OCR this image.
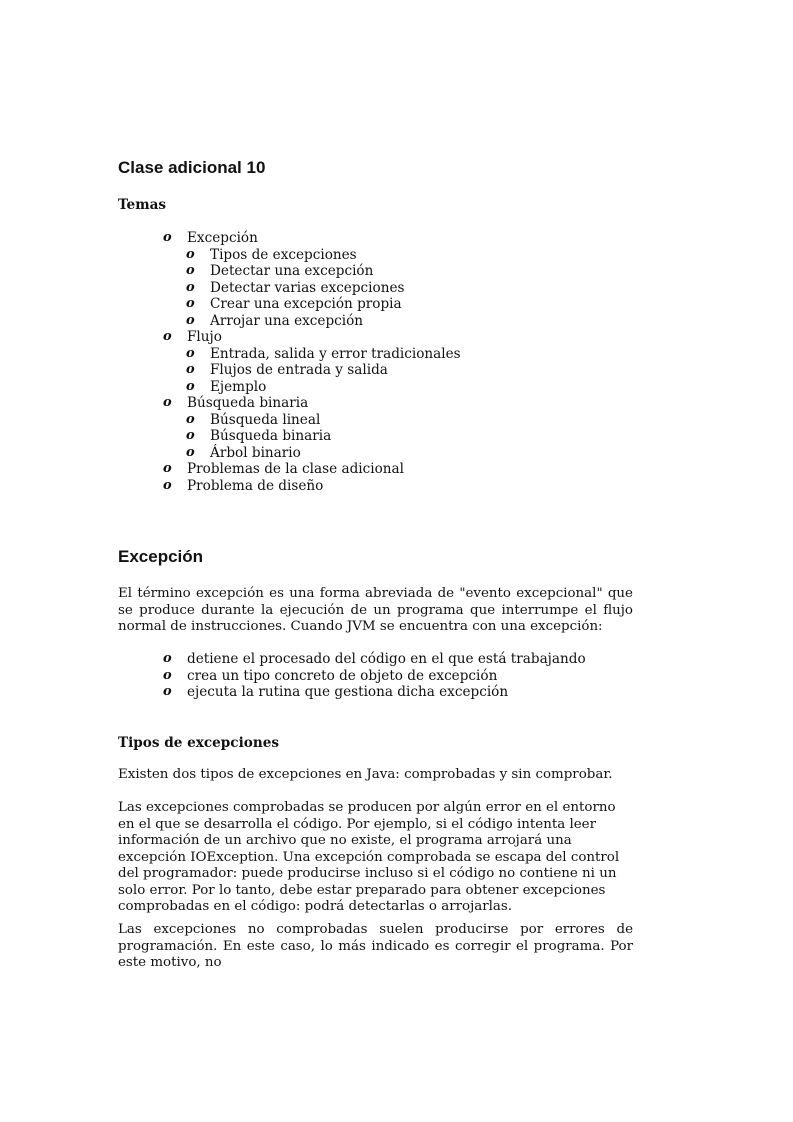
Clase adicional 10
Temas
o Excepción
o Tipos de excepciones
o Detectar una excepción
o Detectar varias excepciones
o Crear una excepción propia
o Arrojar una excepción
o Flujo
o Entrada, salida y error tradicionales
o Flujos de entrada y salida
o Ejemplo
o Búsqueda binaria
o Búsqueda lineal
o Búsqueda binaria
o Árbol binario
o Problemas de la clase adicional
o Problema de diseño
Excepción

El término excepción es una forma abreviada de "evento excepcional" que se produce durante la ejecución de un programa que interrumpe el flujo normal de instrucciones. Cuando JVM se encuentra con una excepción:

o detiene el procesado del código en el que está trabajando
o crea un tipo concreto de objeto de excepción
o ejecuta la rutina que gestiona dicha excepción
Tipos de excepciones

Existen dos tipos de excepciones en Java: comprobadas y sin comprobar.

Las excepciones comprobadas se producen por algún error en el entorno en el que se desarrolla el código. Por ejemplo, si el código intenta leer información de un archivo que no existe, el programa arrojará una excepción IOException. Una excepción comprobada se escapa del control del programador: puede producirse incluso si el código no contiene ni un solo error. Por lo tanto, debe estar preparado para obtener excepciones comprobadas en el código: podrá detectarlas o arrojarlas.

Las excepciones no comprobadas suelen producirse por errores de programación. En este caso, lo más indicado es corregir el programa. Por este motivo, no
